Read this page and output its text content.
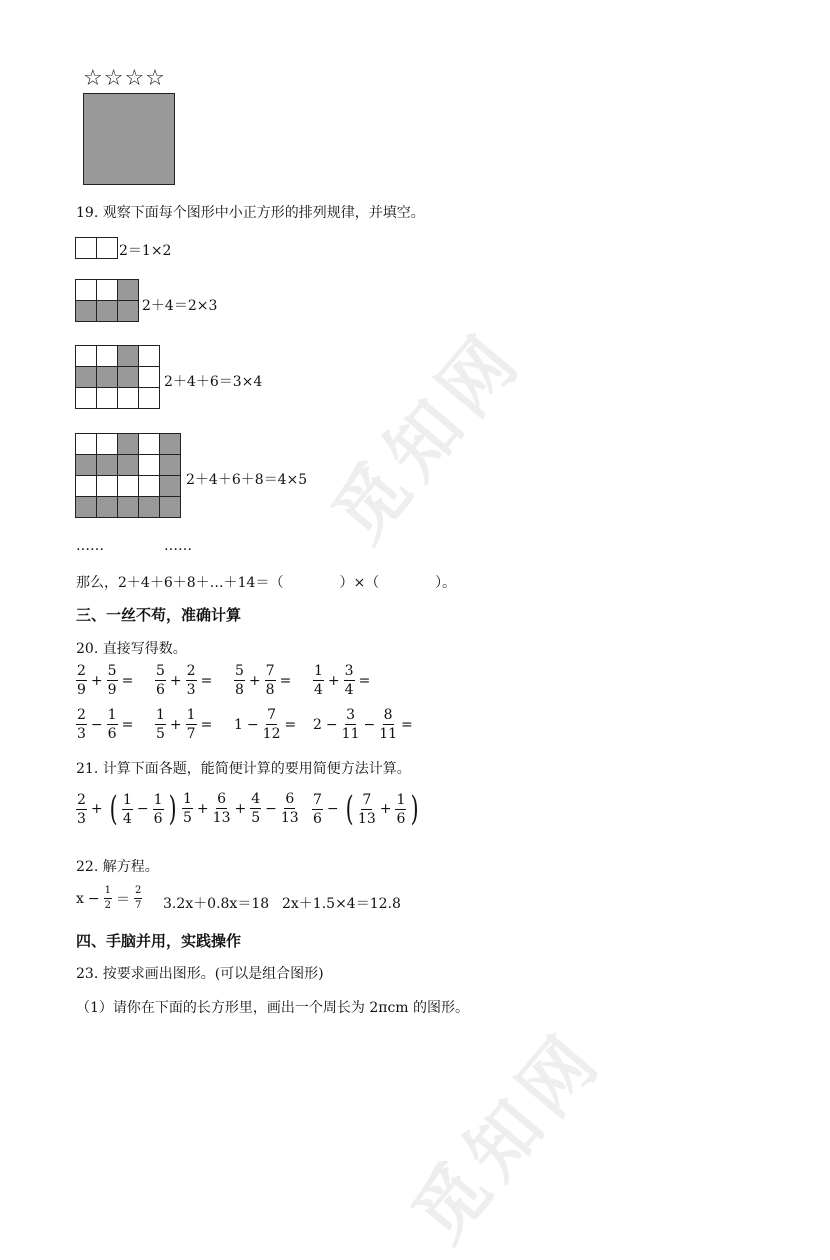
觅知网
觅知网
☆☆☆☆
19. 观察下面每个图形中小正方形的排列规律，并填空。

2＝1×2

2＋4＝2×3

2＋4＋6＝3×4

2＋4＋6＋8＝4×5
……	……
那么，2＋4＋6＋8＋…＋14＝（　　　　）×（　　　　）。
三、一丝不苟，准确计算
20. 直接写得数。
$\frac{2}{9} + \frac{5}{9} = \frac{5}{6} + \frac{2}{3} = \frac{5}{8} + \frac{7}{8} = \frac{1}{4} + \frac{3}{4}$ =
$\frac{2}{3} - \frac{1}{6} = \frac{1}{5} + \frac{1}{7} = 1 - \frac{7}{12} = 2 - \frac{3}{11} - \frac{8}{11}$ =
21. 计算下面各题，能简便计算的要用简便方法计算。
$\frac{2}{3}$ + ( $\frac{1}{4} - \frac{1}{6}$ ) $\frac{1}{5} + \frac{6}{13} + \frac{4}{5} - \frac{6}{13} \frac{7}{6}$ − ( $\frac{7}{13} + \frac{1}{6}$ )
22. 解方程。
$x - \frac{1}{2} = \frac{2}{7} 3.2x+0.8x=18$ 2x＋1.5×4＝12.8
四、手脑并用，实践操作
23. 按要求画出图形。(可以是组合图形)
（1）请你在下面的长方形里，画出一个周长为 2πcm 的图形。
